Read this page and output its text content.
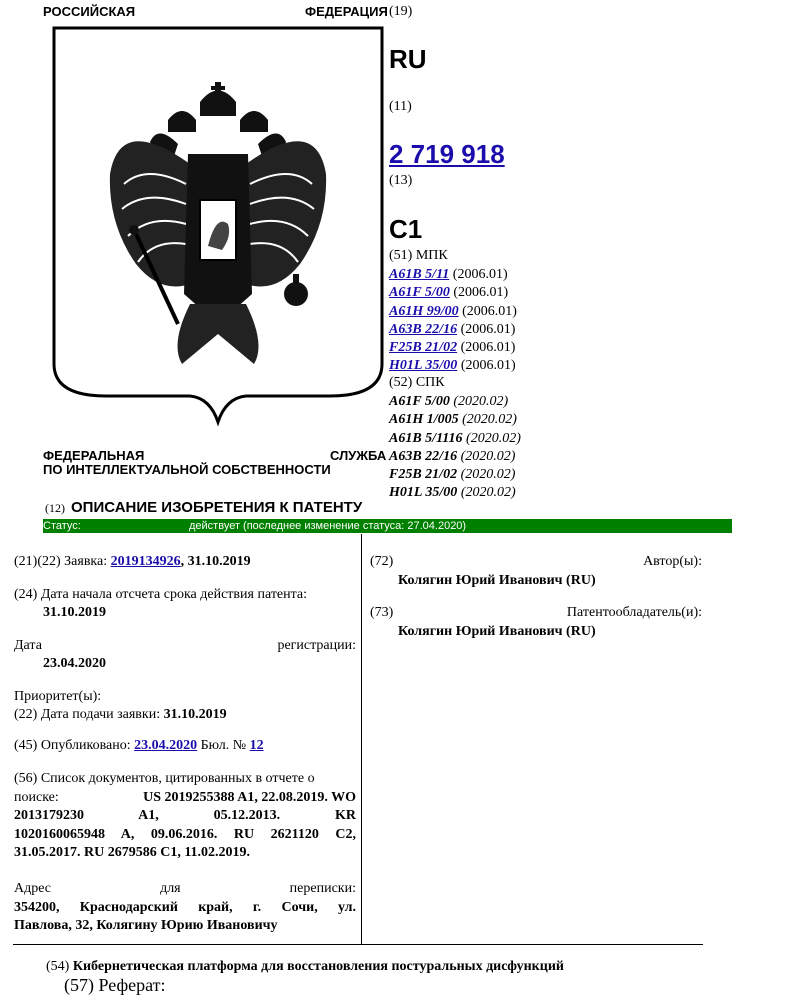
РОССИЙСКАЯ	ФЕДЕРАЦИЯ (19)
RU
(11)
2 719 918
(13)
C1
(51) МПК
A61B 5/11 (2006.01)
A61F 5/00 (2006.01)
A61H 99/00 (2006.01)
A63B 22/16 (2006.01)
F25B 21/02 (2006.01)
H01L 35/00 (2006.01)
(52) СПК
A61F 5/00 (2020.02)
A61H 1/005 (2020.02)
A61B 5/1116 (2020.02)
A63B 22/16 (2020.02)
F25B 21/02 (2020.02)
H01L 35/00 (2020.02)
ФЕДЕРАЛЬНАЯ	СЛУЖБА
ПО ИНТЕЛЛЕКТУАЛЬНОЙ СОБСТВЕННОСТИ
(12) ОПИСАНИЕ ИЗОБРЕТЕНИЯ К ПАТЕНТУ
Статус:	действует (последнее изменение статуса: 27.04.2020)
(21)(22) Заявка: 2019134926, 31.10.2019
(24) Дата начала отсчета срока действия патента:
31.10.2019
Дата	регистрации:
23.04.2020
Приоритет(ы):
(22) Дата подачи заявки: 31.10.2019
(45) Опубликовано: 23.04.2020 Бюл. № 12
(56) Список документов, цитированных в отчете о
поиске:	US 2019255388 A1, 22.08.2019. WO
2013179230 A1, 05.12.2013. KR
1020160065948 A, 09.06.2016. RU 2621120 C2,
31.05.2017. RU 2679586 C1, 11.02.2019.
Адрес для переписки:
354200, Краснодарский край, г. Сочи, ул.
Павлова, 32, Колягину Юрию Ивановичу
(72)	Автор(ы):
Колягин Юрий Иванович (RU)
(73)	Патентообладатель(и):
Колягин Юрий Иванович (RU)
(54) Кибернетическая платформа для восстановления постуральных дисфункций
(57) Реферат:
